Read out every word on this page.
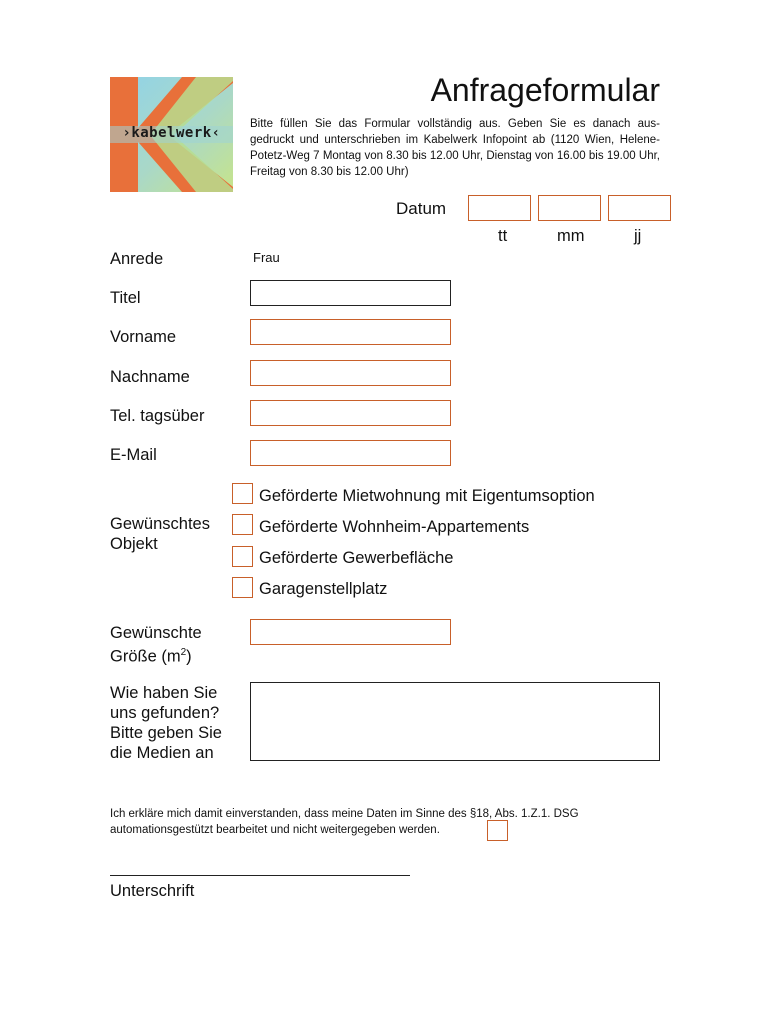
›kabelwerk‹
Anfrageformular
Bitte füllen Sie das Formular vollständig aus. Geben Sie es danach aus-gedruckt und unterschrieben im Kabelwerk Infopoint ab (1120 Wien, Helene-Potetz-Weg 7 Montag von 8.30 bis 12.00 Uhr, Dienstag von 16.00 bis 19.00 Uhr, Freitag von 8.30 bis 12.00 Uhr)
Datum
tt	mm	jj
Anrede	Frau
Titel
Vorname
Nachname
Tel. tagsüber
E-Mail
Gewünschtes
Objekt
Geförderte Mietwohnung mit Eigentumsoption
Geförderte Wohnheim-Appartements
Geförderte Gewerbefläche
Garagenstellplatz
Gewünschte
Größe $(m^2)$
Wie haben Sie
uns gefunden?
Bitte geben Sie
die Medien an
Ich erkläre mich damit einverstanden, dass meine Daten im Sinne des §18, Abs. 1.Z.1. DSG automationsgestützt bearbeitet und nicht weitergegeben werden.
Unterschrift
